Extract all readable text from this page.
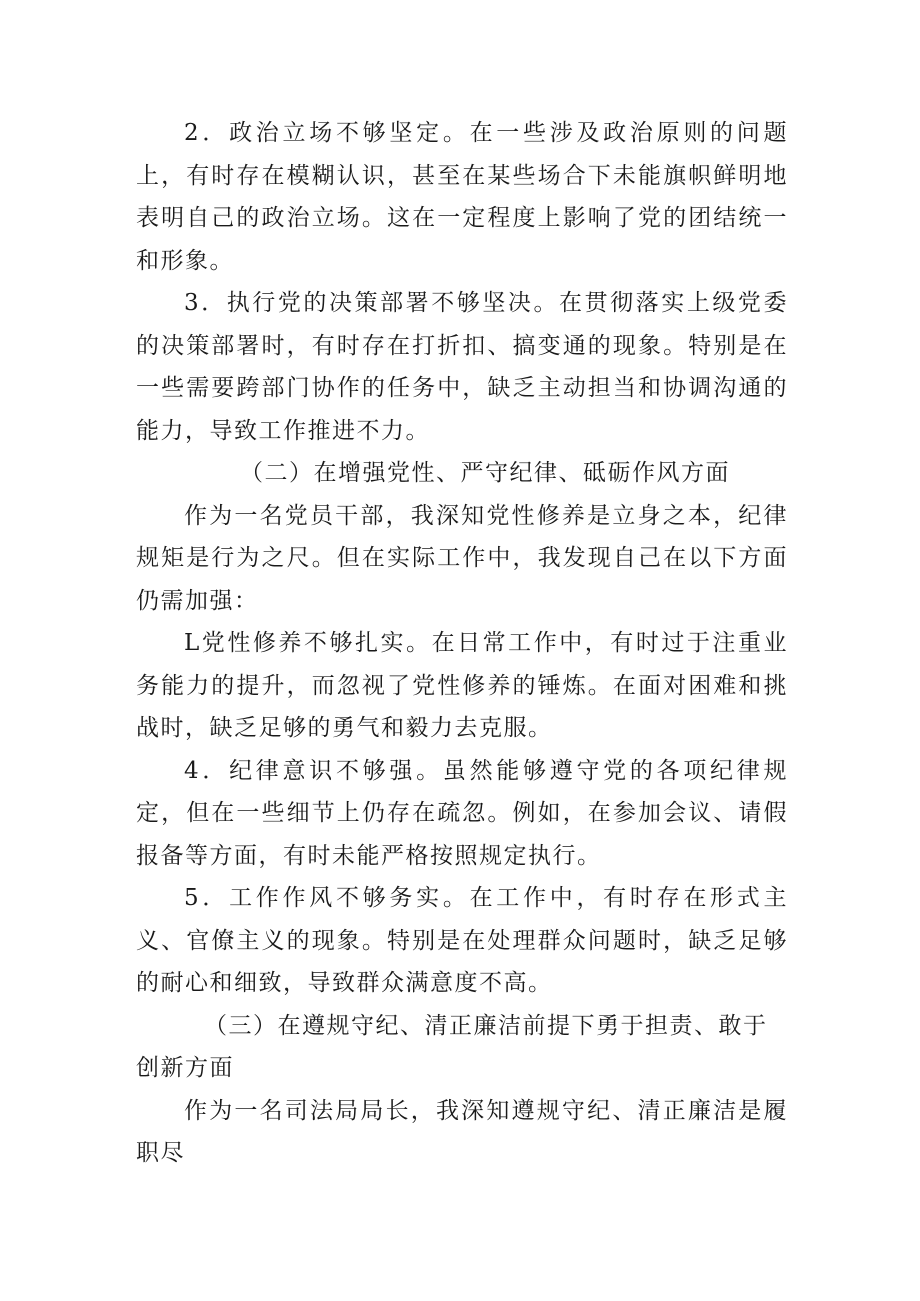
2．政治立场不够坚定。在一些涉及政治原则的问题上，有时存在模糊认识，甚至在某些场合下未能旗帜鲜明地表明自己的政治立场。这在一定程度上影响了党的团结统一和形象。

3．执行党的决策部署不够坚决。在贯彻落实上级党委的决策部署时，有时存在打折扣、搞变通的现象。特别是在一些需要跨部门协作的任务中，缺乏主动担当和协调沟通的能力，导致工作推进不力。

（二）在增强党性、严守纪律、砥砺作风方面

作为一名党员干部，我深知党性修养是立身之本，纪律规矩是行为之尺。但在实际工作中，我发现自己在以下方面仍需加强：

L党性修养不够扎实。在日常工作中，有时过于注重业务能力的提升，而忽视了党性修养的锤炼。在面对困难和挑战时，缺乏足够的勇气和毅力去克服。

4．纪律意识不够强。虽然能够遵守党的各项纪律规定，但在一些细节上仍存在疏忽。例如，在参加会议、请假报备等方面，有时未能严格按照规定执行。

5．工作作风不够务实。在工作中，有时存在形式主义、官僚主义的现象。特别是在处理群众问题时，缺乏足够的耐心和细致，导致群众满意度不高。

（三）在遵规守纪、清正廉洁前提下勇于担责、敢于创新方面

作为一名司法局局长，我深知遵规守纪、清正廉洁是履职尽
